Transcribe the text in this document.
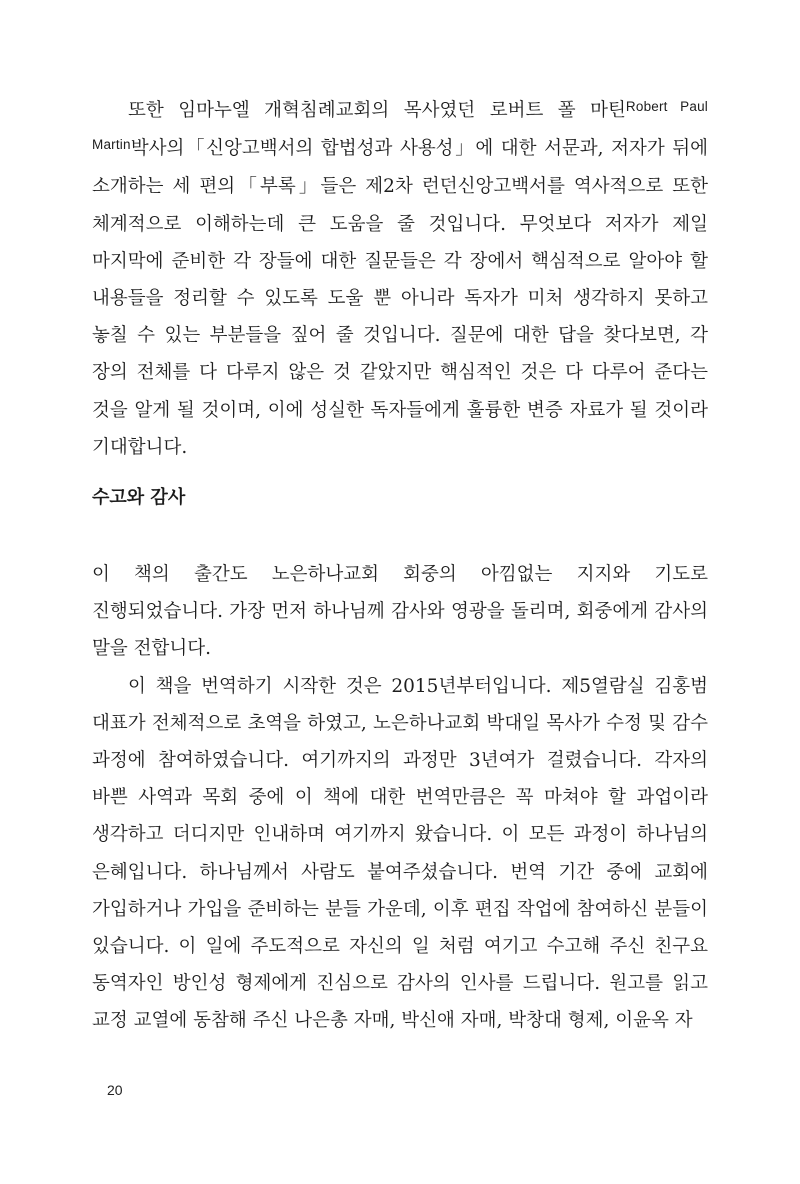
또한 임마누엘 개혁침례교회의 목사였던 로버트 폴 마틴$^{Robert Paul Martin}$박사의「신앙고백서의 합법성과 사용성」에 대한 서문과, 저자가 뒤에 소개하는 세 편의「부록」들은 제2차 런던신앙고백서를 역사적으로 또한 체계적으로 이해하는데 큰 도움을 줄 것입니다. 무엇보다 저자가 제일 마지막에 준비한 각 장들에 대한 질문들은 각 장에서 핵심적으로 알아야 할 내용들을 정리할 수 있도록 도울 뿐 아니라 독자가 미처 생각하지 못하고 놓칠 수 있는 부분들을 짚어 줄 것입니다. 질문에 대한 답을 찾다보면, 각 장의 전체를 다 다루지 않은 것 같았지만 핵심적인 것은 다 다루어 준다는 것을 알게 될 것이며, 이에 성실한 독자들에게 훌륭한 변증 자료가 될 것이라 기대합니다.

수고와 감사

이 책의 출간도 노은하나교회 회중의 아낌없는 지지와 기도로 진행되었습니다. 가장 먼저 하나님께 감사와 영광을 돌리며, 회중에게 감사의 말을 전합니다.

이 책을 번역하기 시작한 것은 2015년부터입니다. 제5열람실 김홍범 대표가 전체적으로 초역을 하였고, 노은하나교회 박대일 목사가 수정 및 감수 과정에 참여하였습니다. 여기까지의 과정만 3년여가 걸렸습니다. 각자의 바쁜 사역과 목회 중에 이 책에 대한 번역만큼은 꼭 마쳐야 할 과업이라 생각하고 더디지만 인내하며 여기까지 왔습니다. 이 모든 과정이 하나님의 은혜입니다. 하나님께서 사람도 붙여주셨습니다. 번역 기간 중에 교회에 가입하거나 가입을 준비하는 분들 가운데, 이후 편집 작업에 참여하신 분들이 있습니다. 이 일에 주도적으로 자신의 일 처럼 여기고 수고해 주신 친구요 동역자인 방인성 형제에게 진심으로 감사의 인사를 드립니다. 원고를 읽고 교정 교열에 동참해 주신 나은총 자매, 박신애 자매, 박창대 형제, 이윤옥 자

20
